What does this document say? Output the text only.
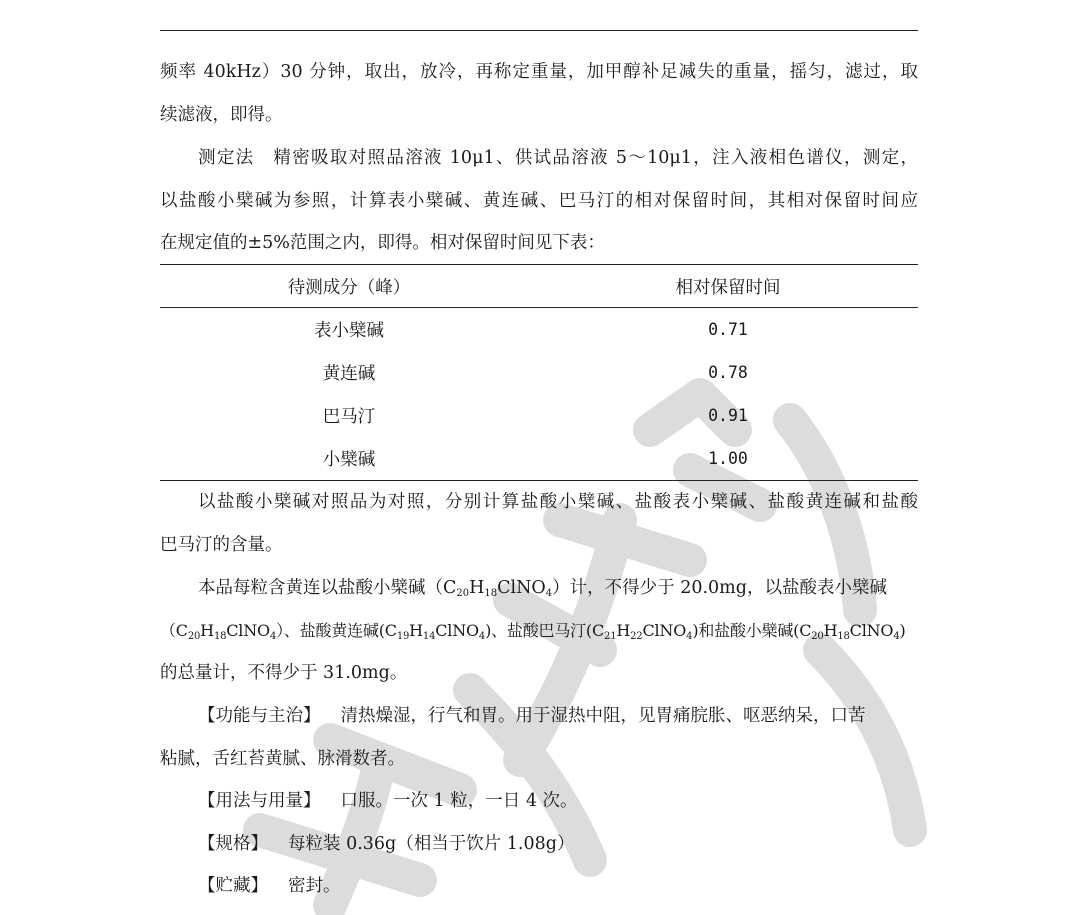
频率 40kHz）30 分钟，取出，放冷，再称定重量，加甲醇补足减失的重量，摇匀，滤过，取
续滤液，即得。
测定法　精密吸取对照品溶液 10μ1、供试品溶液 5～10μ1，注入液相色谱仪，测定，
以盐酸小檗碱为参照，计算表小檗碱、黄连碱、巴马汀的相对保留时间，其相对保留时间应
在规定值的±5%范围之内，即得。相对保留时间见下表：
待测成分（峰）	相对保留时间
表小檗碱	0.71
黄连碱	0.78
巴马汀	0.91
小檗碱	1.00
以盐酸小檗碱对照品为对照，分别计算盐酸小檗碱、盐酸表小檗碱、盐酸黄连碱和盐酸
巴马汀的含量。
本品每粒含黄连以盐酸小檗碱$(C_{20}H_{18}ClNO_4)$计，不得少于 20.0mg，以盐酸表小檗碱
$(C_{20}H_{18}ClNO_4)$、盐酸黄连碱$(C_{19}H_{14}ClNO_4)$、盐酸巴马汀$(C_{21}H_{22}ClNO_4)$和盐酸小檗碱$(C_{20}H_{18}ClNO_4)$
的总量计，不得少于 31.0mg。
【功能与主治】 清热燥湿，行气和胃。用于湿热中阻，见胃痛脘胀、呕恶纳呆，口苦
粘腻，舌红苔黄腻、脉滑数者。
【用法与用量】 口服。一次 1 粒，一日 4 次。
【规格】 每粒装 0.36g（相当于饮片 1.08g）
【贮藏】 密封。
